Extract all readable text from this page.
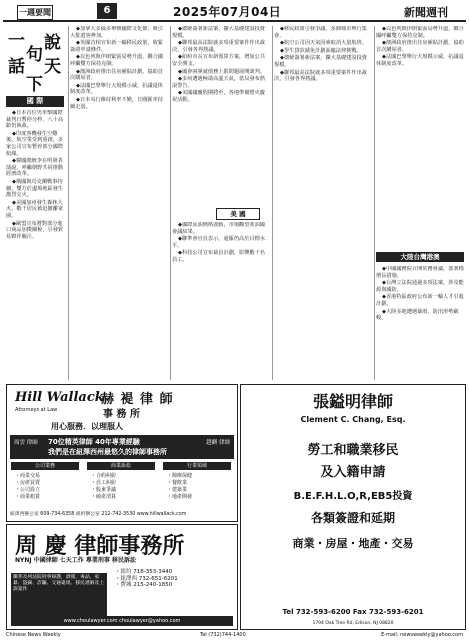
一週要聞	6	2025年07月04日	新聞週刊
一
句
話
說
天
下
國 際

◆日本首位男拳擊國際裁判日暫停分秒，八十高齡仍執裁。

◆印度客機發生空難後，航空業受到重創，多家公司宣布暫停部分國際航線。

◆韓國總統李在明發表演說，呼籲朝野共同推動經濟改革。

◆俄國與烏克蘭戰事持續，雙方於邊境地區發生激烈交火。

◆美國加州發生森林大火，數千居民被迫撤離家園。

◆歐盟宣布將對部分進口商品加徵關稅，引發貿易夥伴關注。

◆加拿大多倫多舉辦國際文化節，吸引大批遊客參加。

◆英國首相宣布新一輪移民政策，收緊簽證申請條件。

◆以色列與伊朗緊張局勢升溫，聯合國呼籲雙方保持克制。

◆澳洲政府推出住房補貼計劃，協助首次購屋者。

◆法國巴黎舉行大規模示威，抗議退休制度改革。

◆日本央行維持利率不變，日圓匯率持續走弱。

◆總統簽署新法案，擴大基礎建設投資規模。

◆聯邦最高法院就多項重要案件作出裁決，引發各界熱議。

◆紐約市長宣布新預算方案，增加公共安全開支。

◆國會兩黨就債務上限問題展開談判。

◆多州遭遇極端高溫天氣，當局發布熱浪警告。

◆美國國慶假期將至，各地準備煙火慶祝活動。

美 國

◆國際原油價格波動，市場觀望產油國會議結果。

◆聯準會官員表示，通脹仍高於目標水平。

◆科技公司宣布裁員計劃，影響數千名員工。

◆移民政策引發爭議，多個城市舉行集會。

◆航空公司因天氣因素取消大量航班。

◆學生貸款減免計劃面臨法律挑戰。

◆總統簽署新法案，擴大基礎建設投資規模。

◆聯邦最高法院就多項重要案件作出裁決，引發各界熱議。

◆以色列與伊朗緊張局勢升溫，聯合國呼籲雙方保持克制。

◆澳洲政府推出住房補貼計劃，協助首次購屋者。

◆法國巴黎舉行大規模示威，抗議退休制度改革。

大陸台灣港澳

◆中國國務院召開常務會議，部署穩增長措施。

◆台灣立法院通過多項法案，涉及能源與國防。

◆香港特區政府公布新一輪人才引進計劃。

◆大陸多地遭遇暴雨，防汛形勢嚴峻。

Hill Wallack
Attorneys at Law
赫 褆 律 師
事 務 所
用心服務．以理服人
周雲 律師 70位精英律師 40年專業經驗
我們是在紐澤西州最悠久的律師事務所
趙麒 律師
公司業務	商業訴訟	行業領域
・商業交易
・房產買賣
・公司設立
・商業租賃
・合約糾紛
・員工糾紛
・股東爭議
・破產清算
・醫療保健
・餐飲業
・建築業
・地產開發
紐澤西辦公室 609-734-6358 紐約辦公室 212-742-3530 www.hillwallack.com
周 慶 律師事務所
NYNJ 中國律師 七天工作 專業刑事 移民訴訟
聯邦及州法院刑事辯護，酒駕、毒品、家暴、盜竊、詐騙、交通違規、移民遞解及上訴案件
・紐約 718-353-3440
・紐澤西 732-651-6201
・費城 215-240-1850
www.choulawyer.com choulawyer@yahoo.com
張鎰明律師
Clement C. Chang, Esq.
勞工和職業移民
及入籍申請
B.E.F.H.L.O,R,EB5投資
各類簽證和延期
商業・房屋・地產・交易
Tel 732-593-6200 Fax 732-593-6201
1794 Oak Tree Rd, Edison, NJ 08820
Chinese News Weekly	Tel (732)744-1400	E-mail: newsweekly@yahoo.com
